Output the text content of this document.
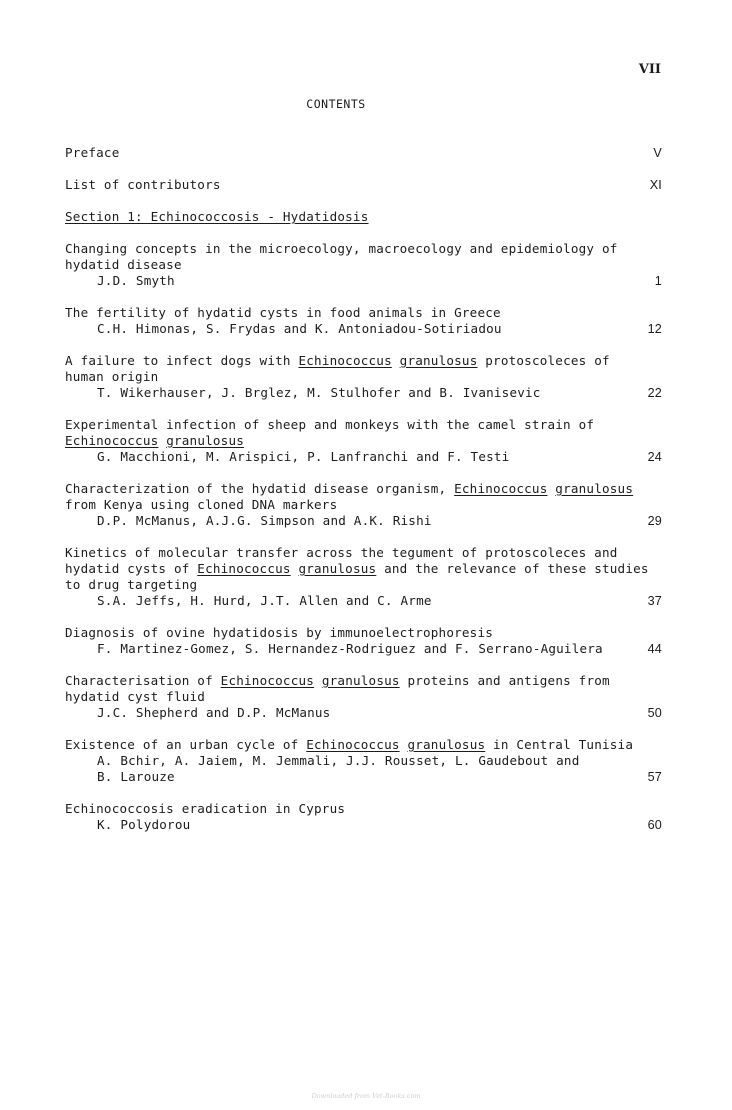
VII
CONTENTS
Preface	V
List of contributors	XI
Section 1: Echinococcosis - Hydatidosis
Changing concepts in the microecology, macroecology and epidemiology of
hydatid disease
J.D. Smyth	1
The fertility of hydatid cysts in food animals in Greece
C.H. Himonas, S. Frydas and K. Antoniadou-Sotiriadou	12
A failure to infect dogs with Echinococcus granulosus protoscoleces of
human origin
T. Wikerhauser, J. Brglez, M. Stulhofer and B. Ivanisevic	22
Experimental infection of sheep and monkeys with the camel strain of
Echinococcus granulosus
G. Macchioni, M. Arispici, P. Lanfranchi and F. Testi	24
Characterization of the hydatid disease organism, Echinococcus granulosus
from Kenya using cloned DNA markers
D.P. McManus, A.J.G. Simpson and A.K. Rishi	29
Kinetics of molecular transfer across the tegument of protoscoleces and
hydatid cysts of Echinococcus granulosus and the relevance of these studies
to drug targeting
S.A. Jeffs, H. Hurd, J.T. Allen and C. Arme	37
Diagnosis of ovine hydatidosis by immunoelectrophoresis
F. Martinez-Gomez, S. Hernandez-Rodriguez and F. Serrano-Aguilera	44
Characterisation of Echinococcus granulosus proteins and antigens from
hydatid cyst fluid
J.C. Shepherd and D.P. McManus	50
Existence of an urban cycle of Echinococcus granulosus in Central Tunisia
A. Bchir, A. Jaiem, M. Jemmali, J.J. Rousset, L. Gaudebout and
B. Larouze	57
Echinococcosis eradication in Cyprus
K. Polydorou	60
Downloaded from Vet-Books.com
